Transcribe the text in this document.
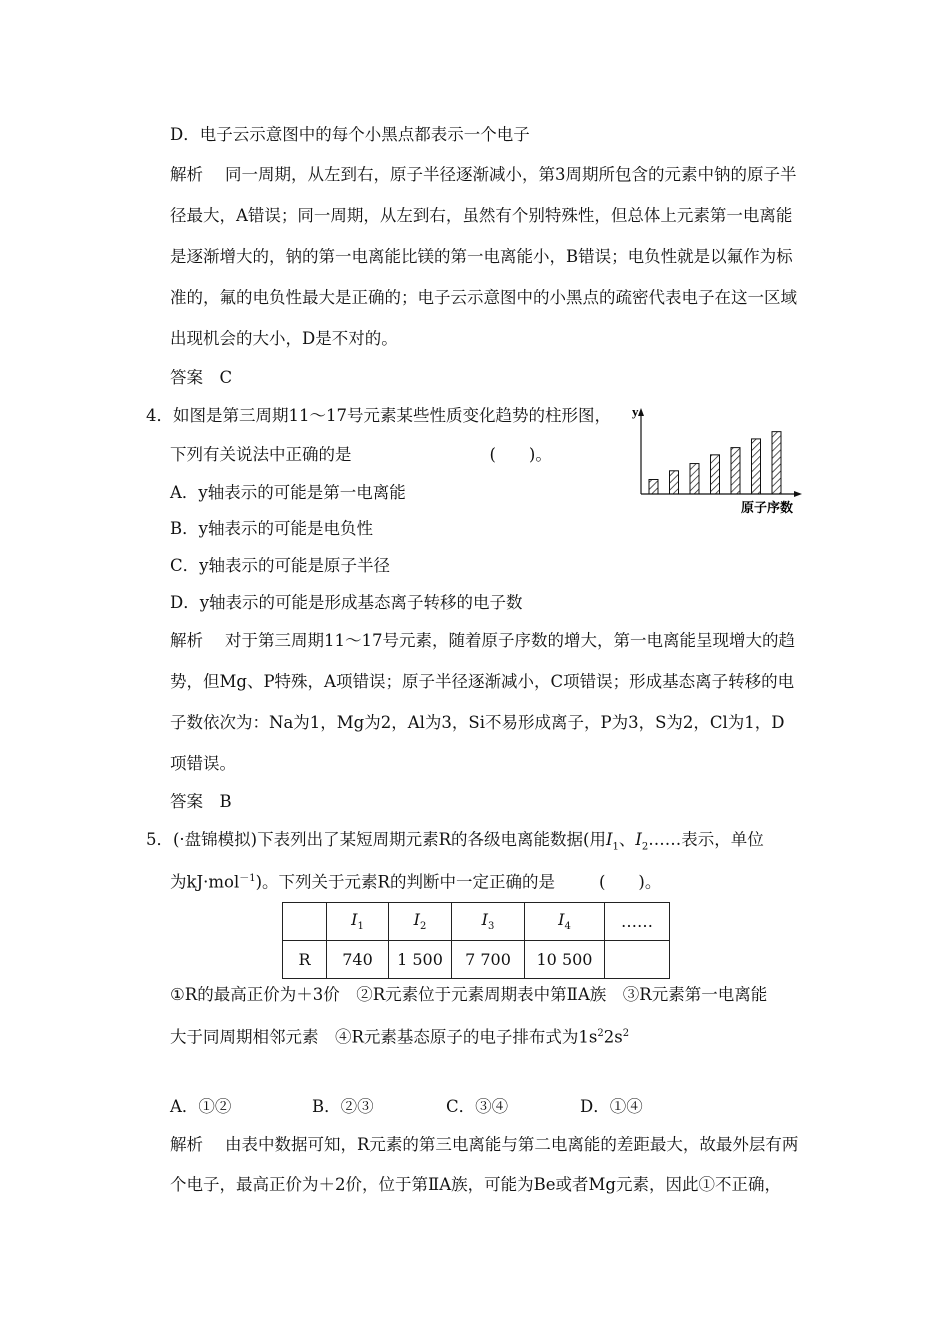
D．电子云示意图中的每个小黑点都表示一个电子
解析 同一周期，从左到右，原子半径逐渐减小，第3周期所包含的元素中钠的原子半
径最大，A错误；同一周期，从左到右，虽然有个别特殊性，但总体上元素第一电离能
是逐渐增大的，钠的第一电离能比镁的第一电离能小，B错误；电负性就是以氟作为标
准的，氟的电负性最大是正确的；电子云示意图中的小黑点的疏密代表电子在这一区域
出现机会的大小，D是不对的。
答案　C
4．如图是第三周期11～17号元素某些性质变化趋势的柱形图，
下列有关说法中正确的是	(　　)。
A．y轴表示的可能是第一电离能
B．y轴表示的可能是电负性
C．y轴表示的可能是原子半径
D．y轴表示的可能是形成基态离子转移的电子数
解析 对于第三周期11～17号元素，随着原子序数的增大，第一电离能呈现增大的趋
势，但Mg、P特殊，A项错误；原子半径逐渐减小，C项错误；形成基态离子转移的电
子数依次为：Na为1，Mg为2，Al为3，Si不易形成离子，P为3，S为2，Cl为1，D
项错误。
答案　B
y
原子序数
5．(·盘锦模拟)下表列出了某短周期元素R的各级电离能数据(用$I_1$、$I_2\dots\dots$表示，单位
为kJ·mol$^{-1}$)。下列关于元素R的判断中一定正确的是	(　　)。
	$I_1$	$I_2$	$I_3$	$I_4$	……
R	740	1 500	7 700	10 500	
①R的最高正价为＋3价　②R元素位于元素周期表中第ⅡA族　③R元素第一电离能
大于同周期相邻元素　④R元素基态原子的电子排布式为$1s^22s^2$
A．①②	B．②③	C．③④	D．①④
解析 由表中数据可知，R元素的第三电离能与第二电离能的差距最大，故最外层有两
个电子，最高正价为＋2价，位于第ⅡA族，可能为Be或者Mg元素，因此①不正确，
